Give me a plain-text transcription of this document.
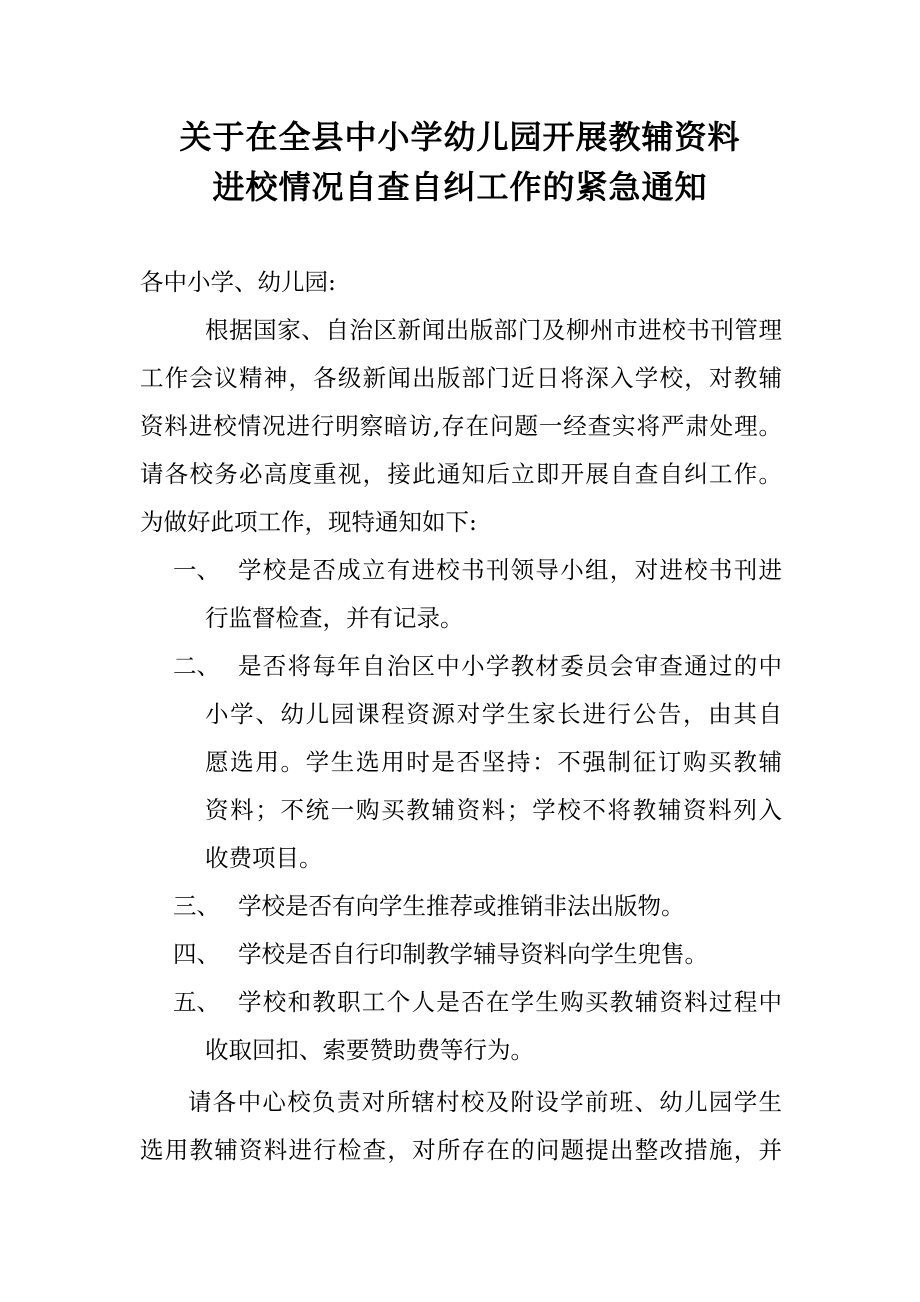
关于在全县中小学幼儿园开展教辅资料
进校情况自查自纠工作的紧急通知
各中小学、幼儿园:
根据国家、自治区新闻出版部门及柳州市进校书刊管理
工作会议精神，各级新闻出版部门近日将深入学校，对教辅
资料进校情况进行明察暗访,存在问题一经查实将严肃处理。
请各校务必高度重视，接此通知后立即开展自查自纠工作。
为做好此项工作，现特通知如下:
一、 学校是否成立有进校书刊领导小组，对进校书刊进
行监督检查，并有记录。
二、 是否将每年自治区中小学教材委员会审查通过的中
小学、幼儿园课程资源对学生家长进行公告，由其自
愿选用。学生选用时是否坚持：不强制征订购买教辅
资料；不统一购买教辅资料；学校不将教辅资料列入
收费项目。
三、 学校是否有向学生推荐或推销非法出版物。
四、 学校是否自行印制教学辅导资料向学生兜售。
五、 学校和教职工个人是否在学生购买教辅资料过程中
收取回扣、索要赞助费等行为。
请各中心校负责对所辖村校及附设学前班、幼儿园学生
选用教辅资料进行检查，对所存在的问题提出整改措施，并
